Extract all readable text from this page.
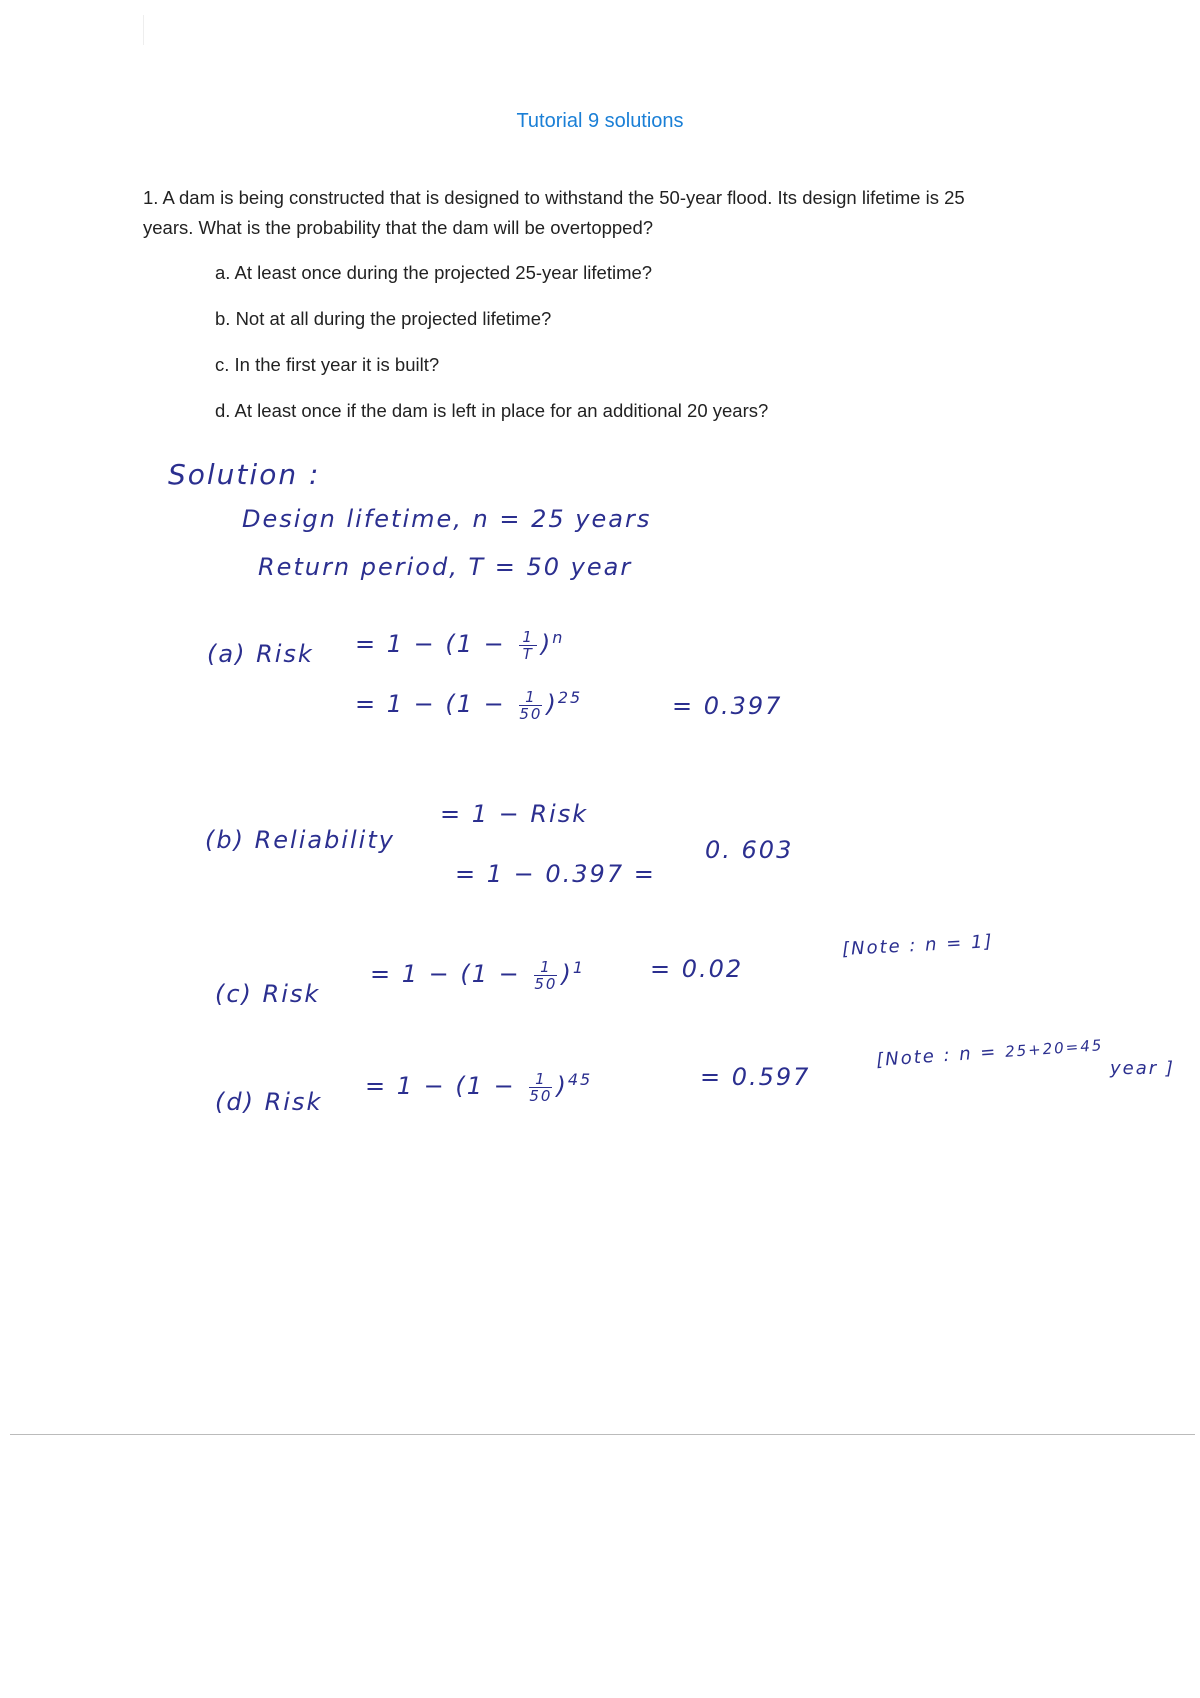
Tutorial 9 solutions
1. A dam is being constructed that is designed to withstand the 50-year flood. Its design lifetime is 25
years. What is the probability that the dam will be overtopped?
a. At least once during the projected 25-year lifetime?
b. Not at all during the projected lifetime?
c. In the first year it is built?
d. At least once if the dam is left in place for an additional 20 years?
Solution :
Design lifetime, n = 25 years
Return period, T = 50 year
(a) Risk = $1 - (1 - \frac{1}{T} )^n$
= $1 - (1 - \frac{1}{50} )^{25}$	= 0.397
(b) Reliability
= 1 − Risk
= 1 − 0.397 =
0. 603
(c) Risk
= $1 - (1 - \frac{1}{50} )^1$	= 0.02
[Note : n = 1]
(d) Risk
= $1 - (1 - \frac{1}{50} )^{45}$	= 0.597
[Note : n = 25+20=45
year ]
